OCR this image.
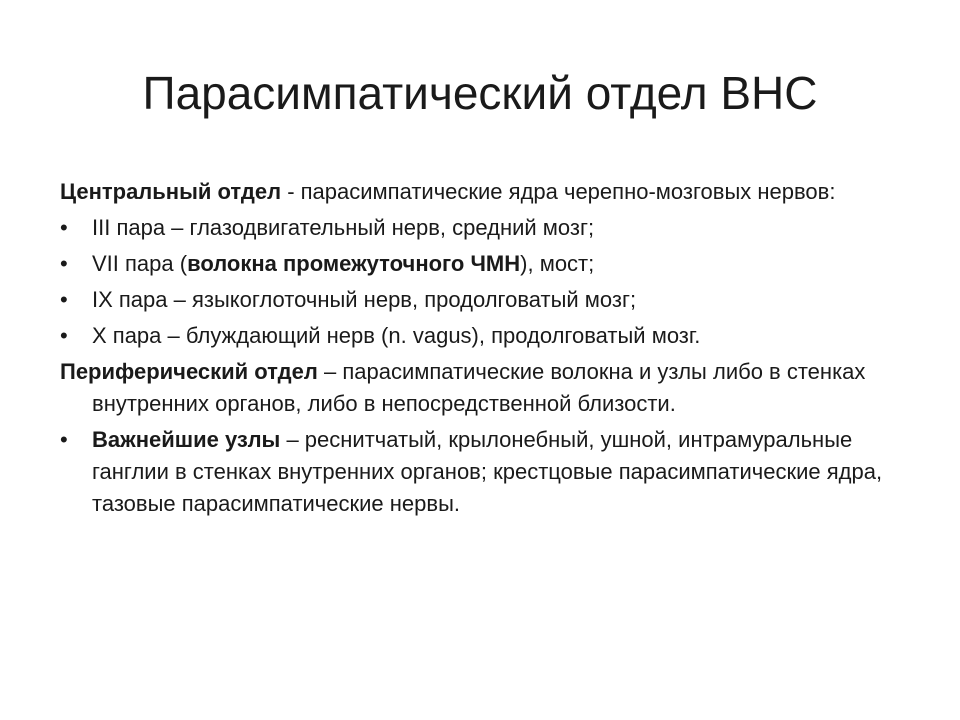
Парасимпатический отдел ВНС

Центральный отдел - парасимпатические ядра черепно-мозговых нервов:

•	III пара – глазодвигательный нерв, средний мозг;
•	VII пара (волокна промежуточного ЧМН), мост;
•	IX пара – языкоглоточный нерв, продолговатый мозг;
•	X пара – блуждающий нерв (n. vagus), продолговатый мозг.

Периферический отдел – парасимпатические волокна и узлы либо в стенках внутренних органов, либо в непосредственной близости.

•	Важнейшие узлы – реснитчатый, крылонебный, ушной, интрамуральные ганглии в стенках внутренних органов; крестцовые парасимпатические ядра, тазовые парасимпатические нервы.
